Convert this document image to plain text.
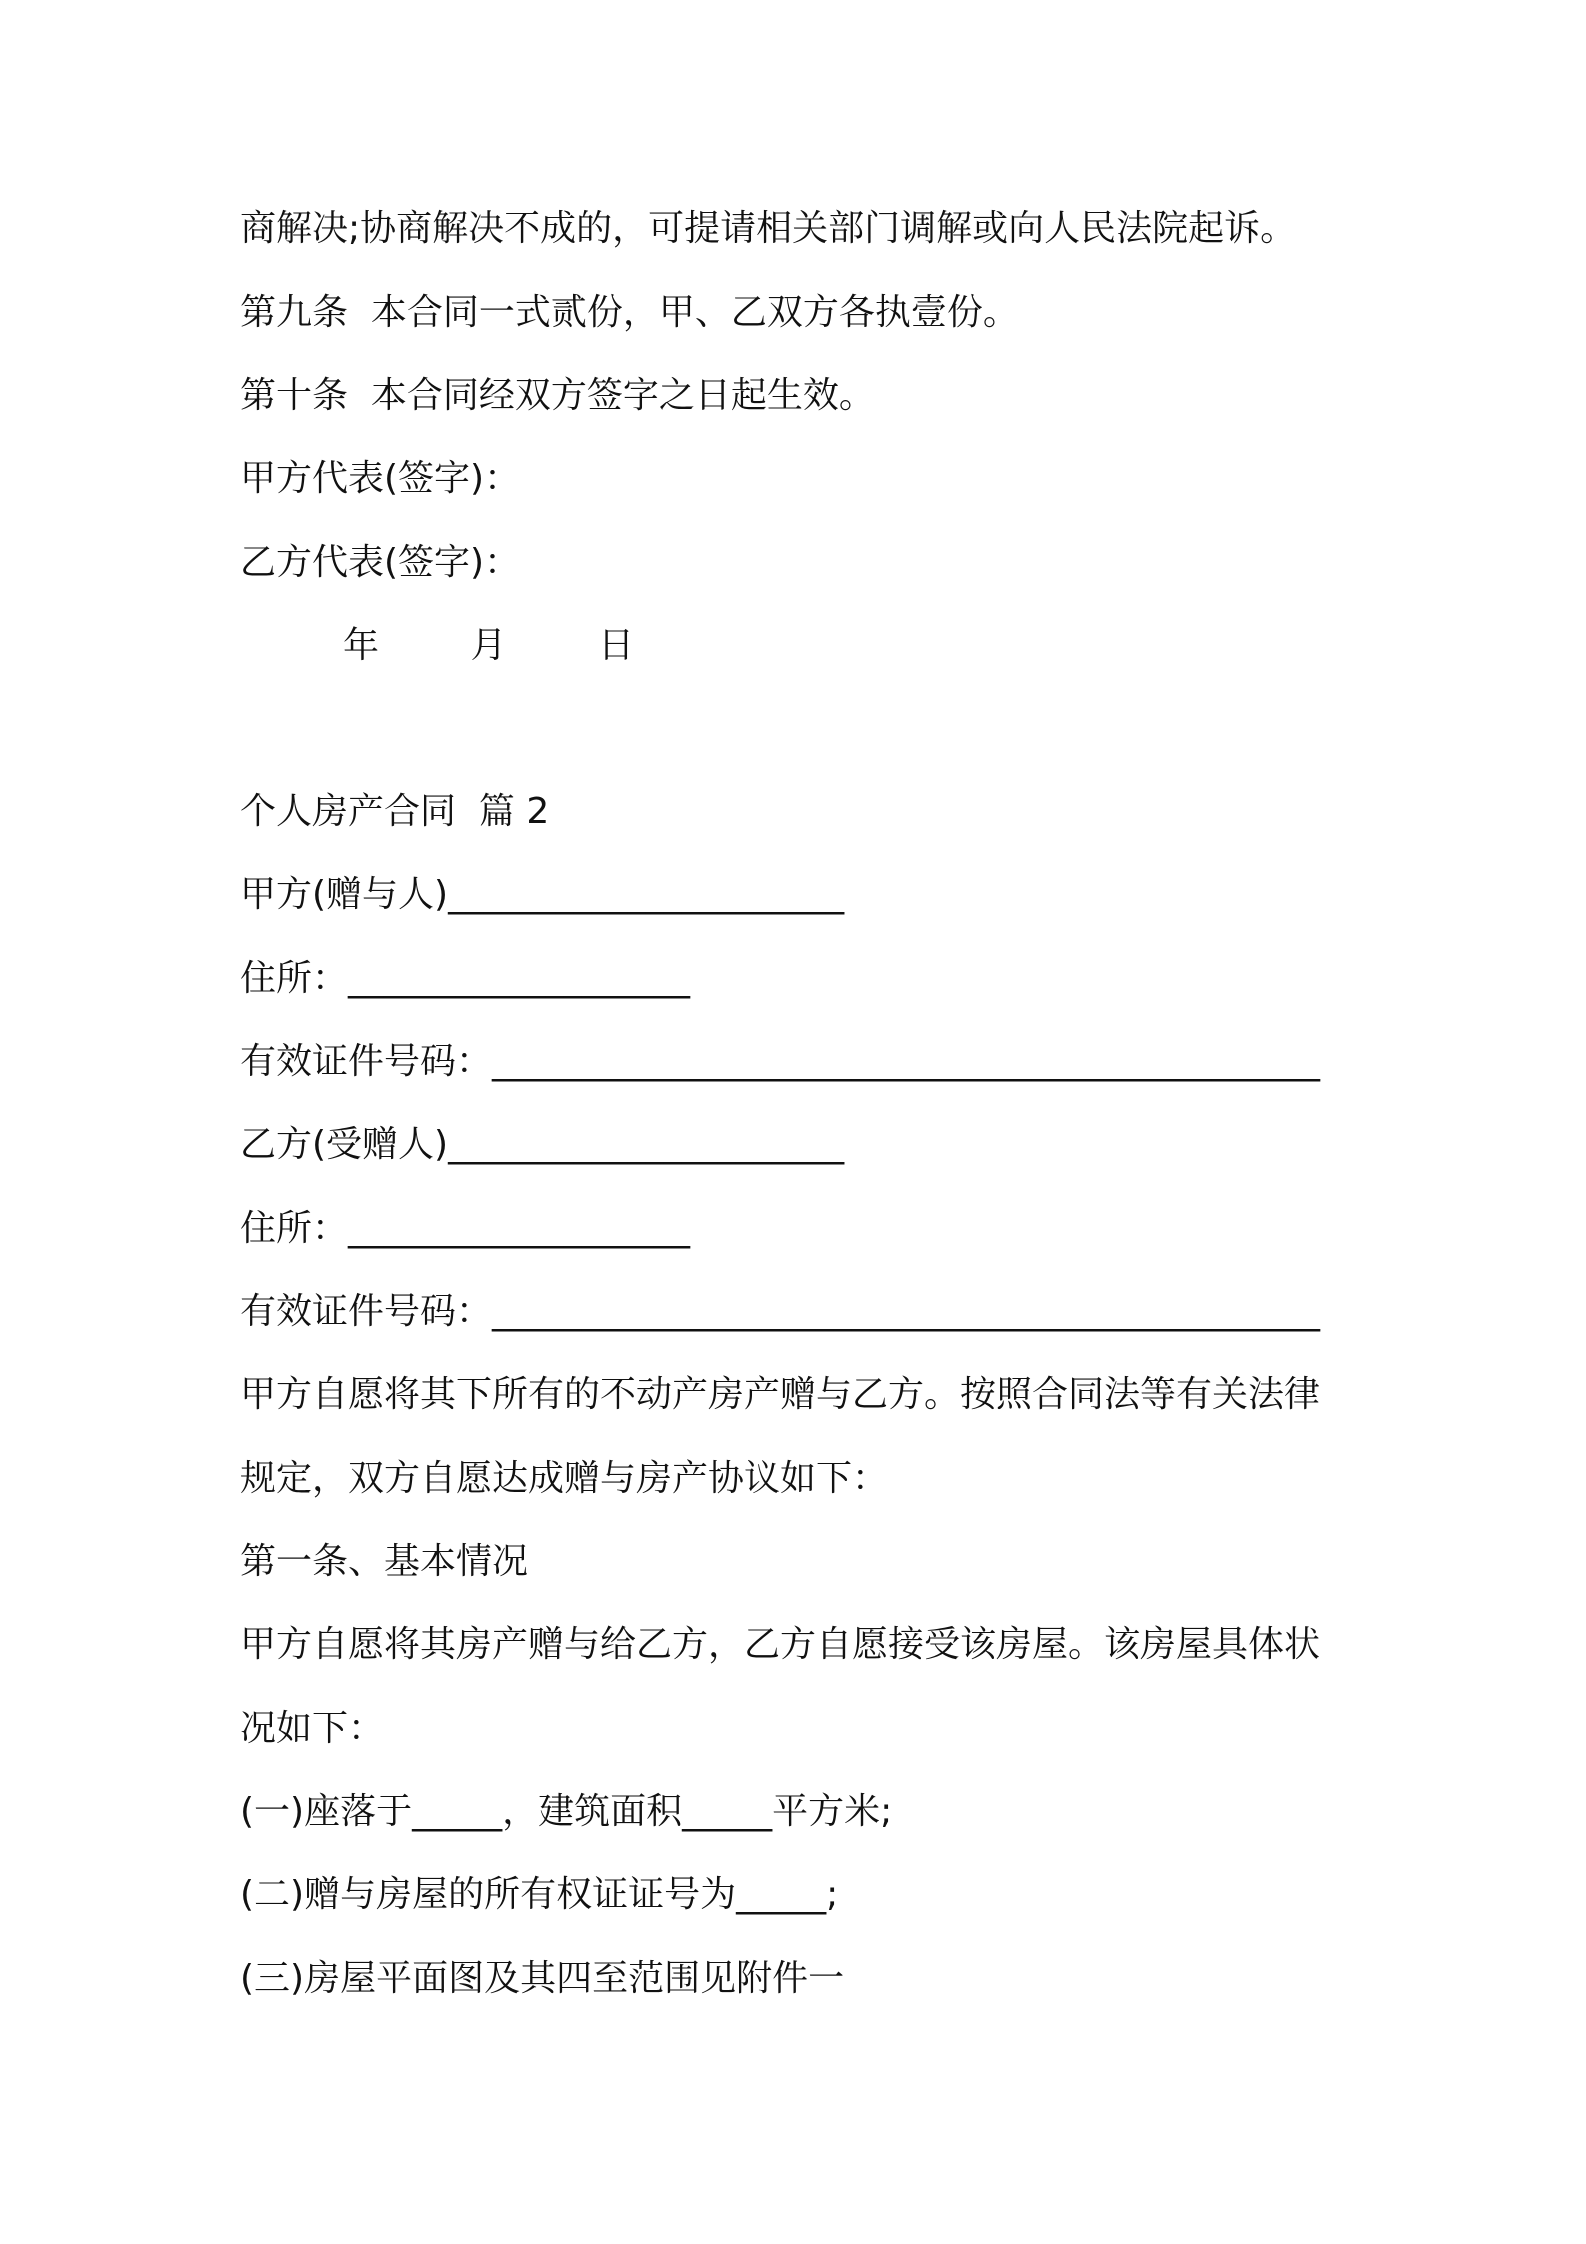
商解决;协商解决不成的，可提请相关部门调解或向人民法院起诉。
第九条  本合同一式贰份，甲、乙双方各执壹份。
第十条  本合同经双方签字之日起生效。
甲方代表(签字)：
乙方代表(签字)：
年        月        日
个人房产合同  篇 2
甲方(赠与人)______________________
住所：___________________
有效证件号码：______________________________________________
乙方(受赠人)______________________
住所：___________________
有效证件号码：______________________________________________
甲方自愿将其下所有的不动产房产赠与乙方。按照合同法等有关法律
规定，双方自愿达成赠与房产协议如下：
第一条、基本情况
甲方自愿将其房产赠与给乙方，乙方自愿接受该房屋。该房屋具体状
况如下：
(一)座落于_____，建筑面积_____平方米;
(二)赠与房屋的所有权证证号为_____;
(三)房屋平面图及其四至范围见附件一
